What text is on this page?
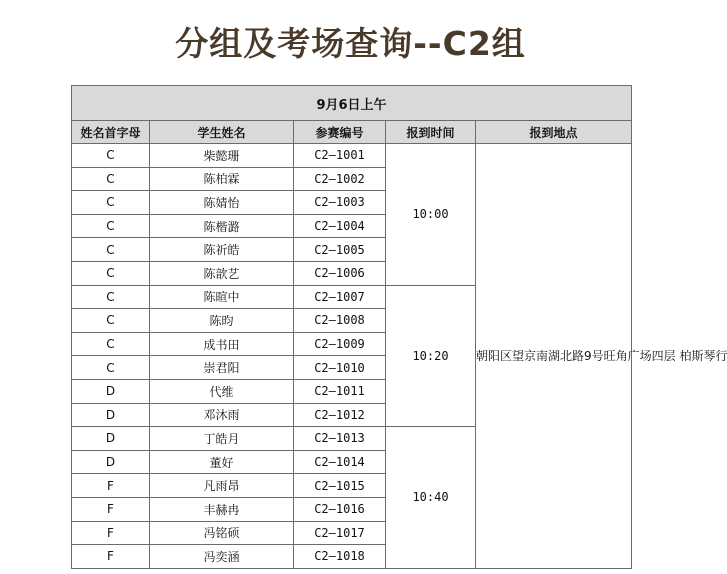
分组及考场查询--C2组
9月6日上午				
姓名首字母	学生姓名	参赛编号	报到时间	报到地点
C	柴懿珊	C2—1001	10:00	朝阳区望京南湖北路9号旺角广场四层 柏斯琴行
C	陈柏霖	C2—1002		
C	陈婧怡	C2—1003		
C	陈楷潞	C2—1004		
C	陈祈皓	C2—1005		
C	陈歆艺	C2—1006		
C	陈暄中	C2—1007	10:20	
C	陈昀	C2—1008		
C	成书田	C2—1009		
C	崇君阳	C2—1010		
D	代维	C2—1011		
D	邓沐雨	C2—1012		
D	丁皓月	C2—1013	10:40	
D	董好	C2—1014		
F	凡雨昂	C2—1015		
F	丰赫冉	C2—1016		
F	冯铭硕	C2—1017		
F	冯奕涵	C2—1018		
